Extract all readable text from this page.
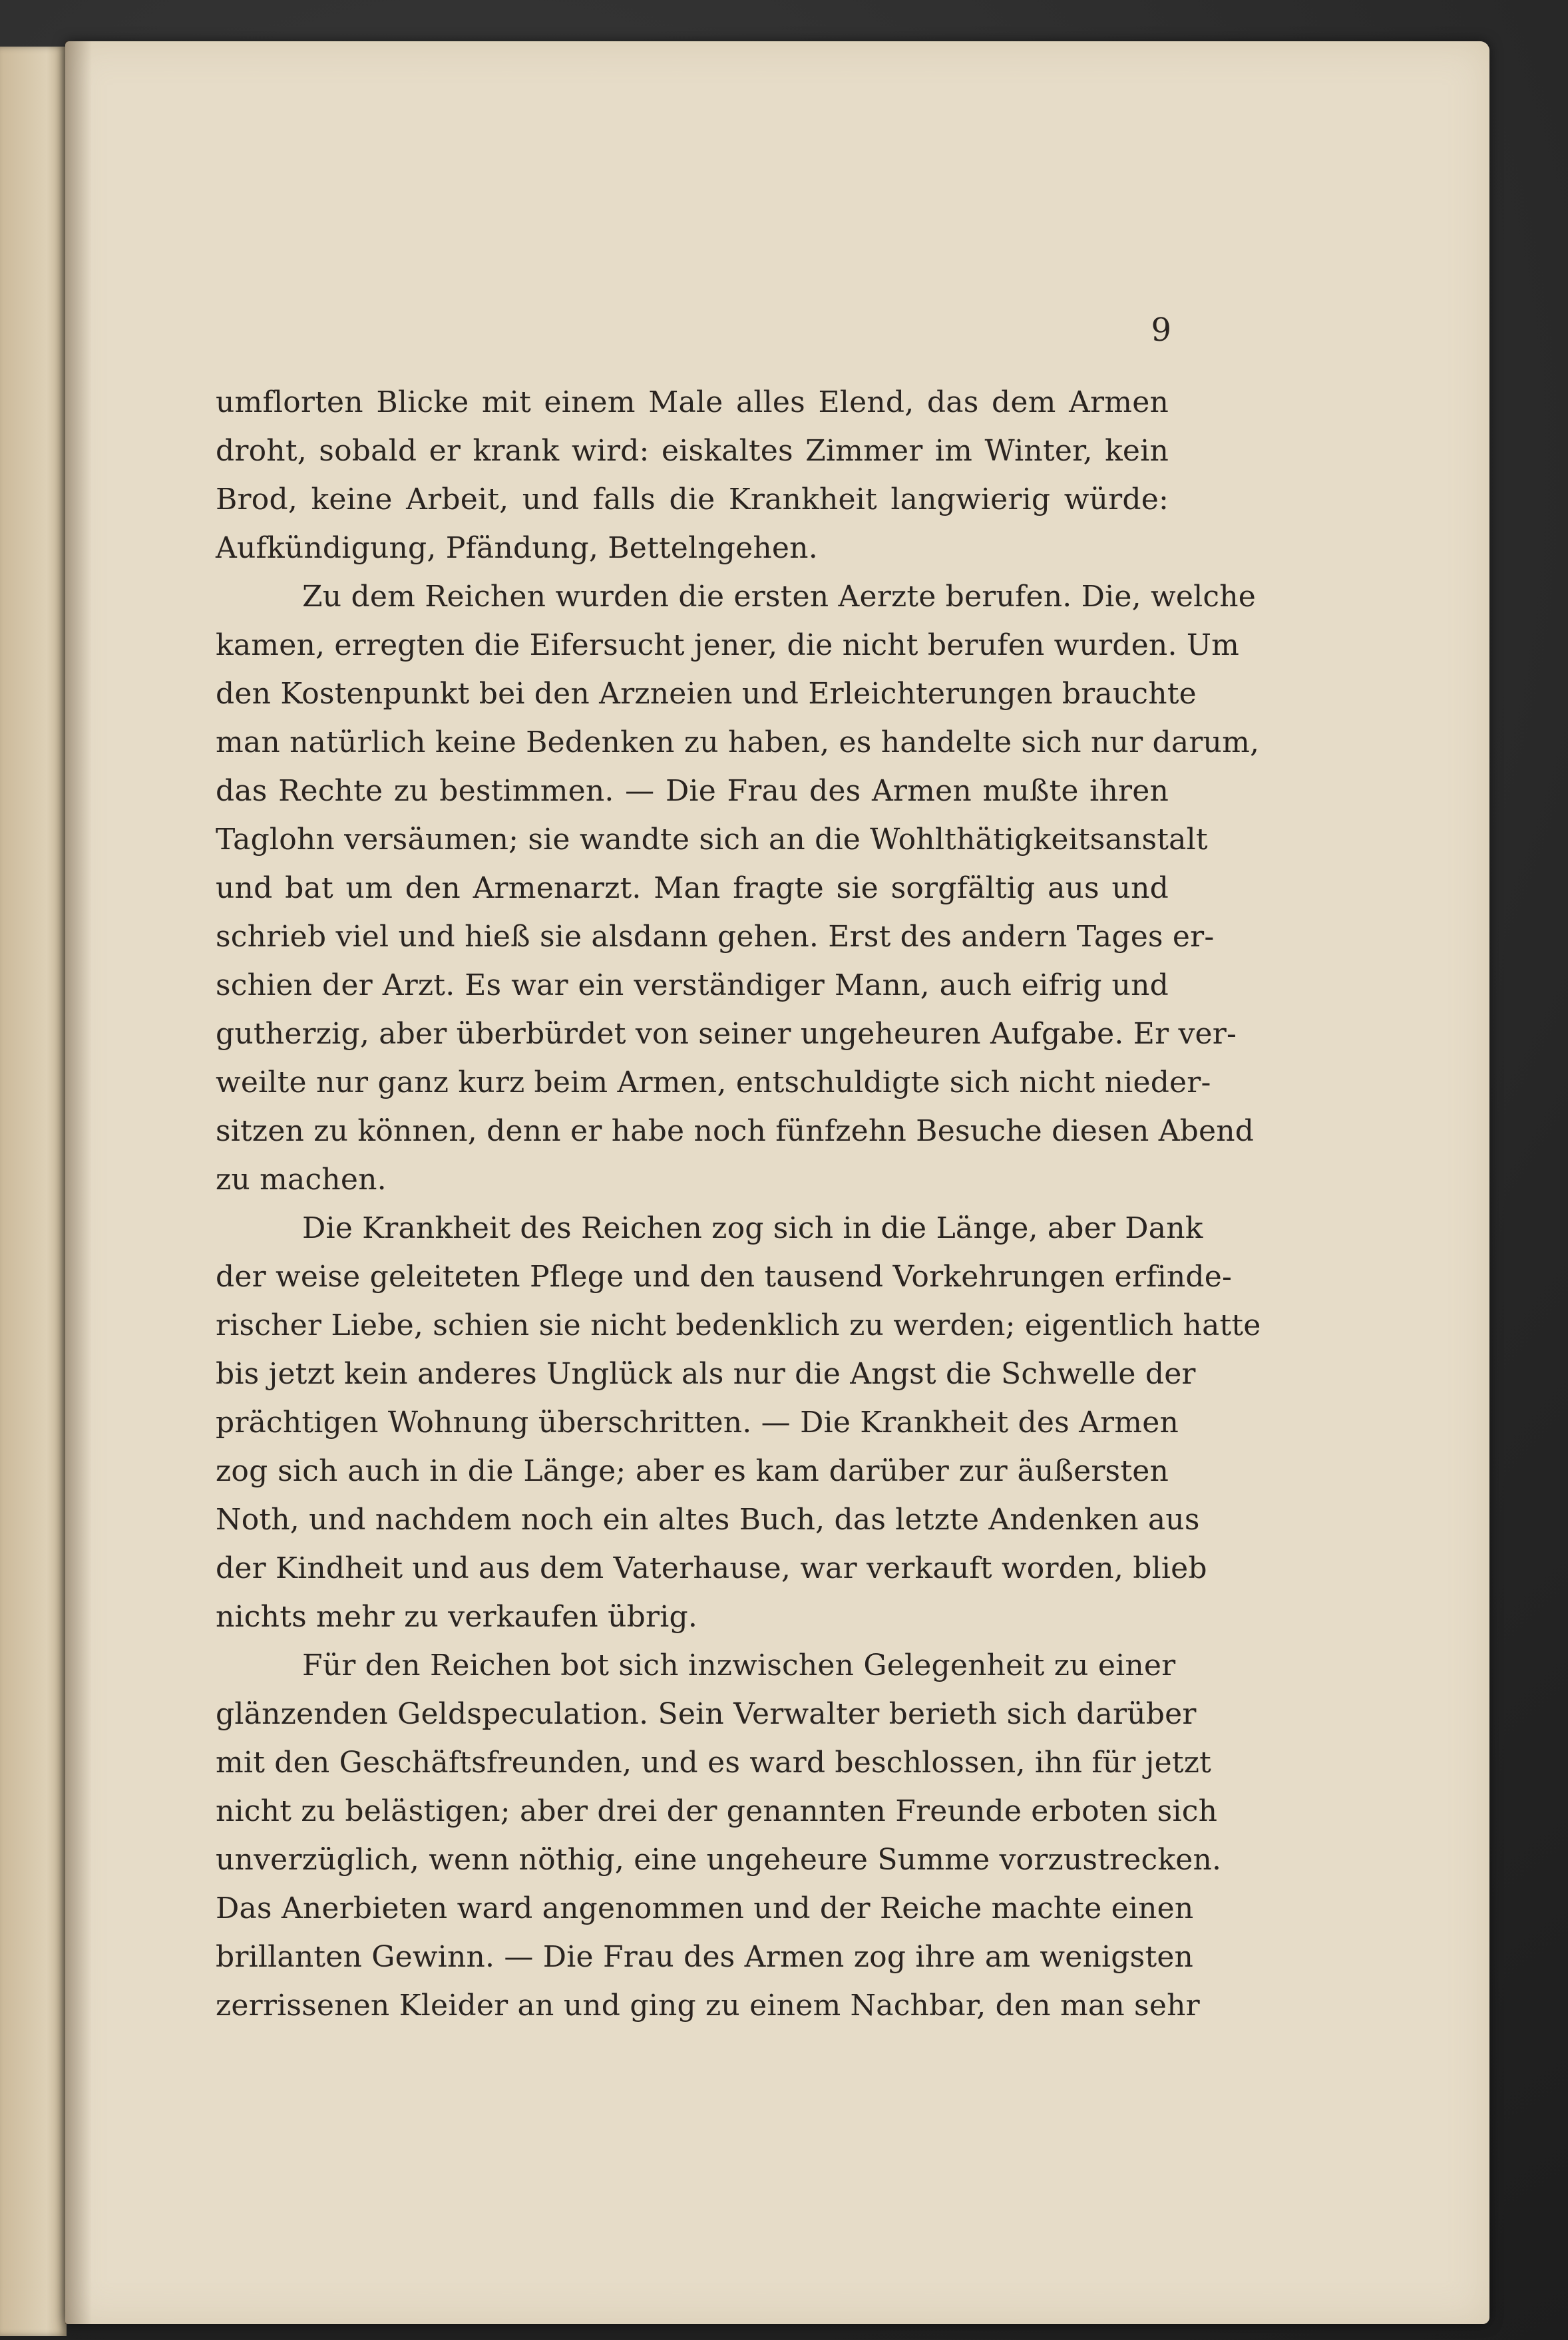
9
umflorten Blicke mit einem Male alles Elend, das dem Armen
droht, sobald er krank wird: eiskaltes Zimmer im Winter, kein
Brod, keine Arbeit, und falls die Krankheit langwierig würde:
Aufkündigung, Pfändung, Bettelngehen.
Zu dem Reichen wurden die ersten Aerzte berufen. Die, welche
kamen, erregten die Eifersucht jener, die nicht berufen wurden. Um
den Kostenpunkt bei den Arzneien und Erleichterungen brauchte
man natürlich keine Bedenken zu haben, es handelte sich nur darum,
das Rechte zu bestimmen. — Die Frau des Armen mußte ihren
Taglohn versäumen; sie wandte sich an die Wohlthätigkeitsanstalt
und bat um den Armenarzt. Man fragte sie sorgfältig aus und
schrieb viel und hieß sie alsdann gehen. Erst des andern Tages er-
schien der Arzt. Es war ein verständiger Mann, auch eifrig und
gutherzig, aber überbürdet von seiner ungeheuren Aufgabe. Er ver-
weilte nur ganz kurz beim Armen, entschuldigte sich nicht nieder-
sitzen zu können, denn er habe noch fünfzehn Besuche diesen Abend
zu machen.
Die Krankheit des Reichen zog sich in die Länge, aber Dank
der weise geleiteten Pflege und den tausend Vorkehrungen erfinde-
rischer Liebe, schien sie nicht bedenklich zu werden; eigentlich hatte
bis jetzt kein anderes Unglück als nur die Angst die Schwelle der
prächtigen Wohnung überschritten. — Die Krankheit des Armen
zog sich auch in die Länge; aber es kam darüber zur äußersten
Noth, und nachdem noch ein altes Buch, das letzte Andenken aus
der Kindheit und aus dem Vaterhause, war verkauft worden, blieb
nichts mehr zu verkaufen übrig.
Für den Reichen bot sich inzwischen Gelegenheit zu einer
glänzenden Geldspeculation. Sein Verwalter berieth sich darüber
mit den Geschäftsfreunden, und es ward beschlossen, ihn für jetzt
nicht zu belästigen; aber drei der genannten Freunde erboten sich
unverzüglich, wenn nöthig, eine ungeheure Summe vorzustrecken.
Das Anerbieten ward angenommen und der Reiche machte einen
brillanten Gewinn. — Die Frau des Armen zog ihre am wenigsten
zerrissenen Kleider an und ging zu einem Nachbar, den man sehr
